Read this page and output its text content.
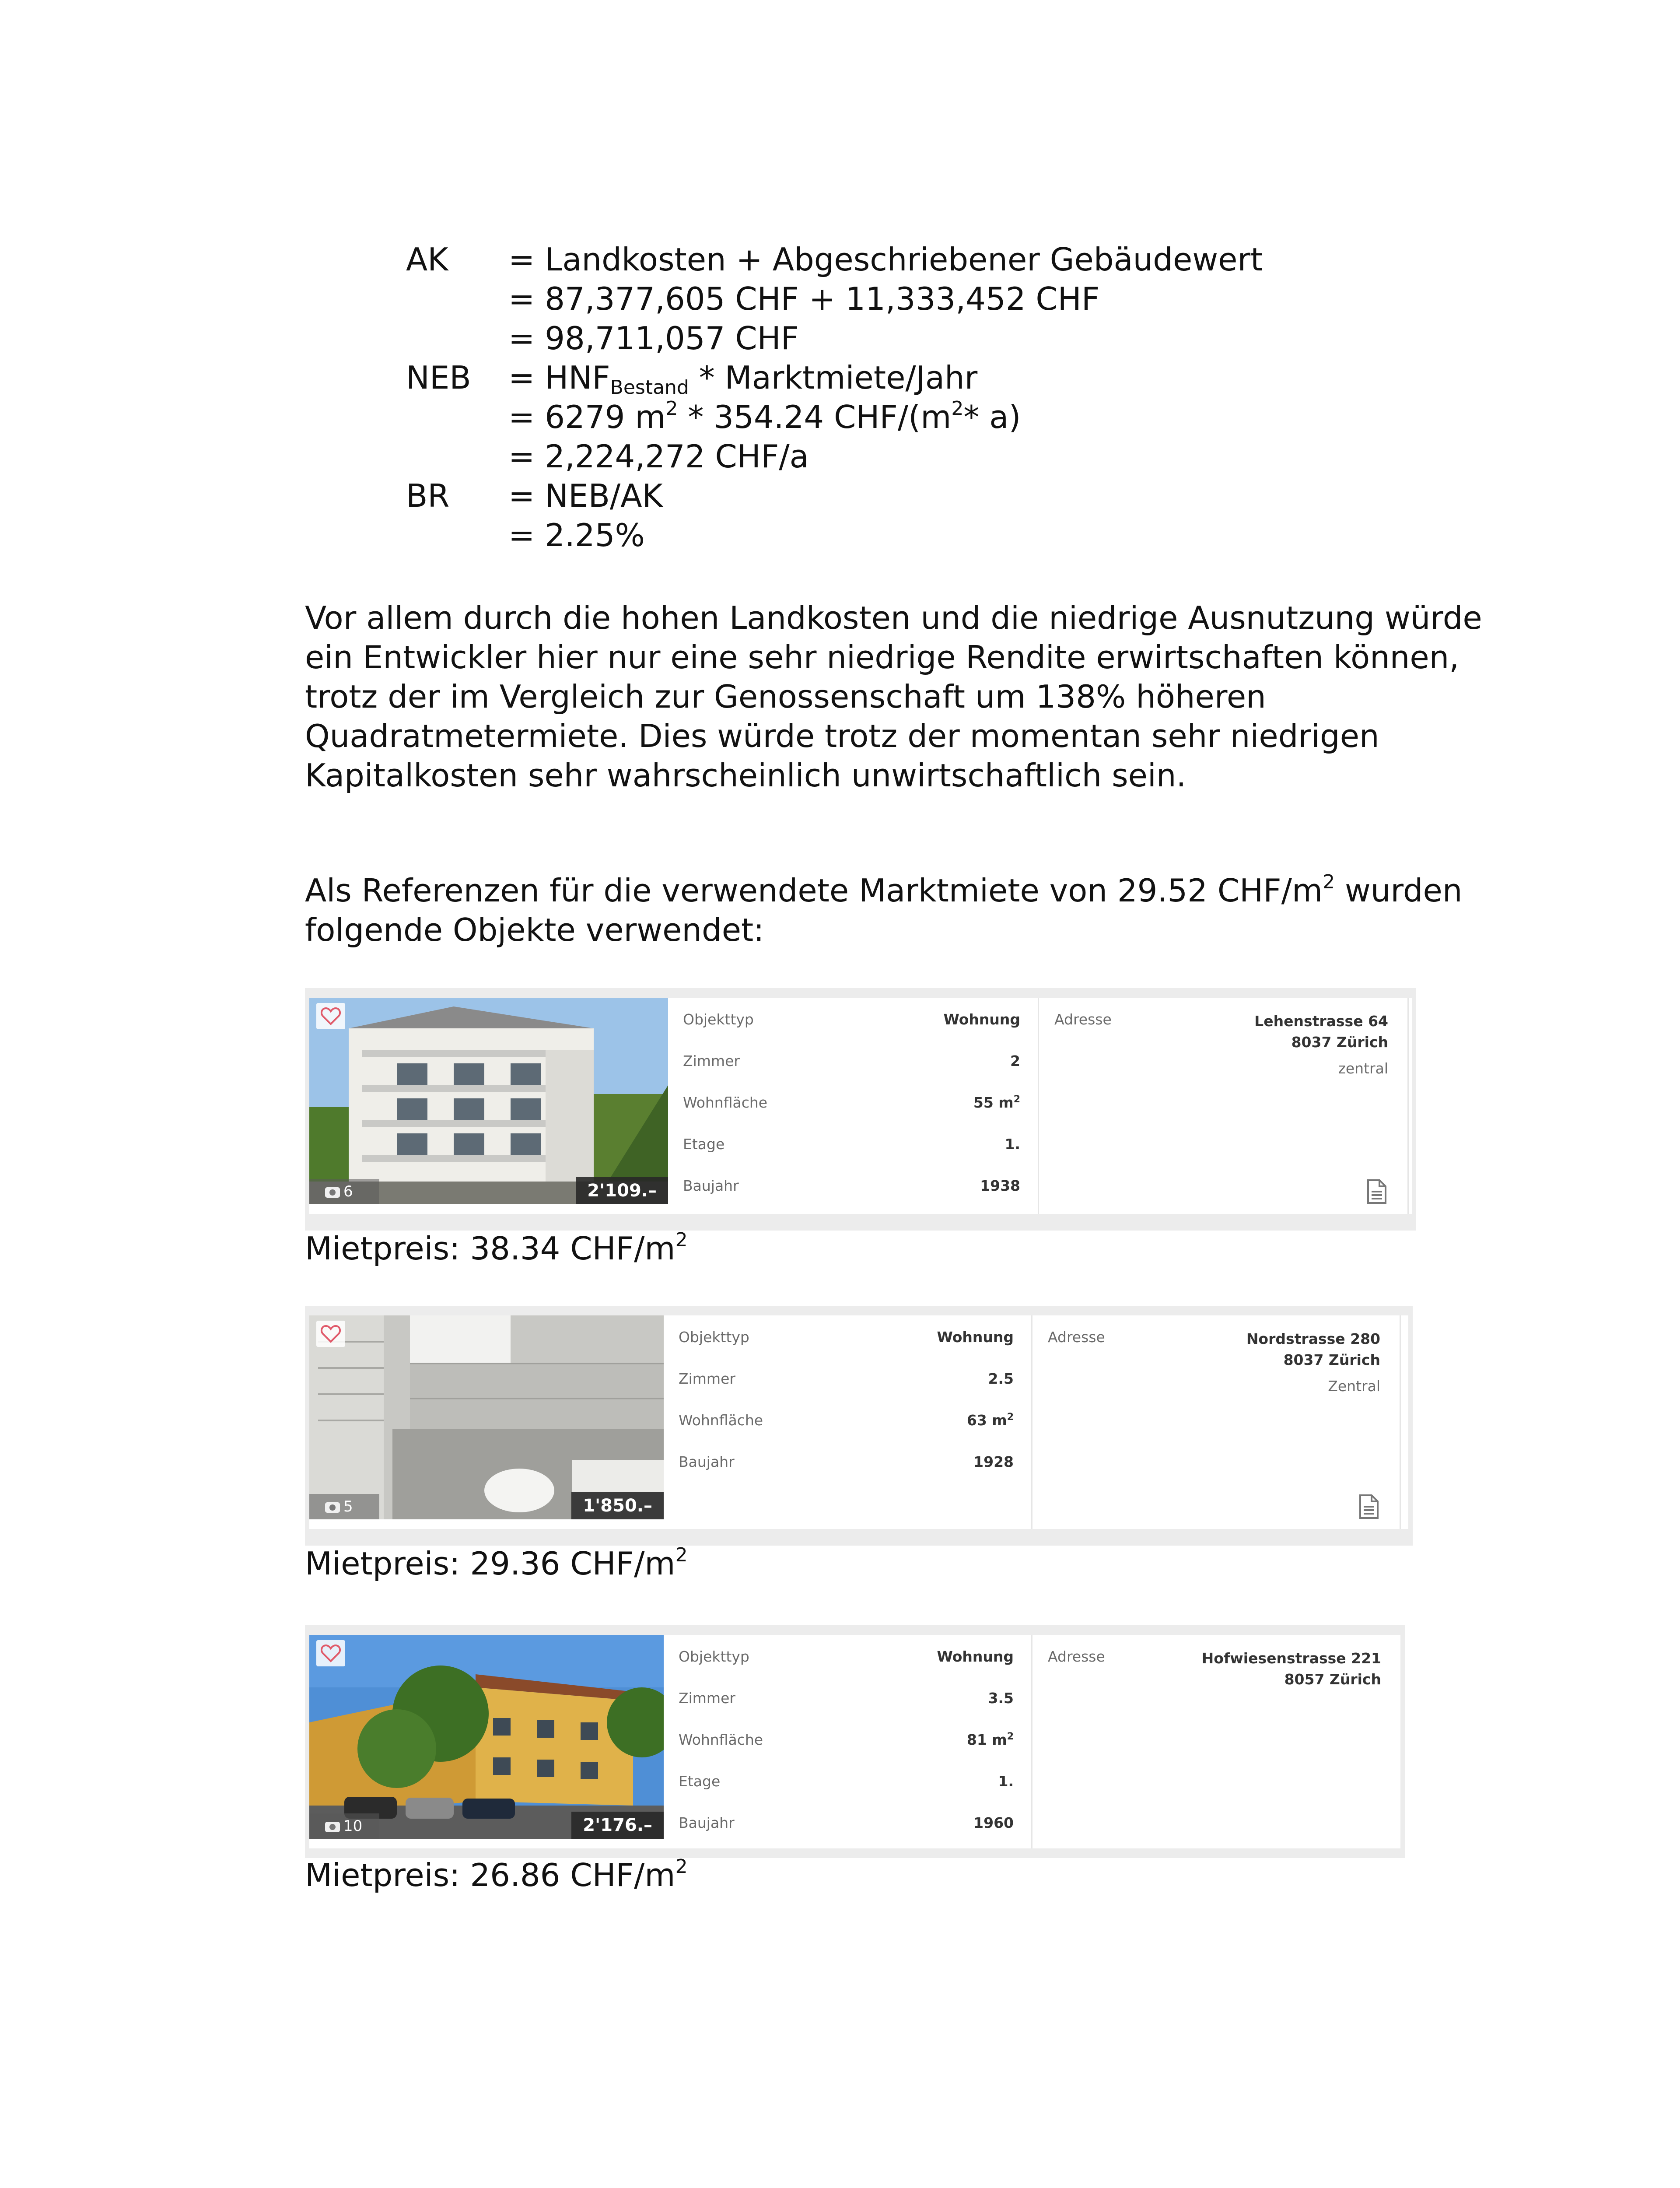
AK = Landkosten + Abgeschriebener Gebäudewert
= 87,377,605 CHF + 11,333,452 CHF
= 98,711,057 CHF
NEB = $HNF_{Bestand}$ * Marktmiete/Jahr
= 6279 $m^2 * 354.24$ CHF/($m^2*$ a)
= 2,224,272 CHF/a
BR = NEB/AK
= 2.25%

Vor allem durch die hohen Landkosten und die niedrige Ausnutzung würde ein Entwickler hier nur eine sehr niedrige Rendite erwirtschaften können, trotz der im Vergleich zur Genossenschaft um 138% höheren Quadratmetermiete. Dies würde trotz der momentan sehr niedrigen Kapitalkosten sehr wahrscheinlich unwirtschaftlich sein.

Als Referenzen für die verwendete Marktmiete von 29.52 CHF/$m^2$ wurden folgende Objekte verwendet:

6	2'109.–
Objekttyp	Wohnung
Zimmer	2
Wohnfläche	55 $m^2$
Etage	1.
Baujahr	1938
Adresse	Lehenstrasse 64
8037 Zürich
zentral
Mietpreis: 38.34 CHF/$m^2$
5	1'850.–
Objekttyp	Wohnung
Zimmer	2.5
Wohnfläche	63 $m^2$
Baujahr	1928
Adresse	Nordstrasse 280
8037 Zürich
Zentral
Mietpreis: 29.36 CHF/$m^2$
10	2'176.–
Objekttyp	Wohnung
Zimmer	3.5
Wohnfläche	81 $m^2$
Etage	1.
Baujahr	1960
Adresse	Hofwiesenstrasse 221
8057 Zürich
Mietpreis: 26.86 CHF/$m^2$
